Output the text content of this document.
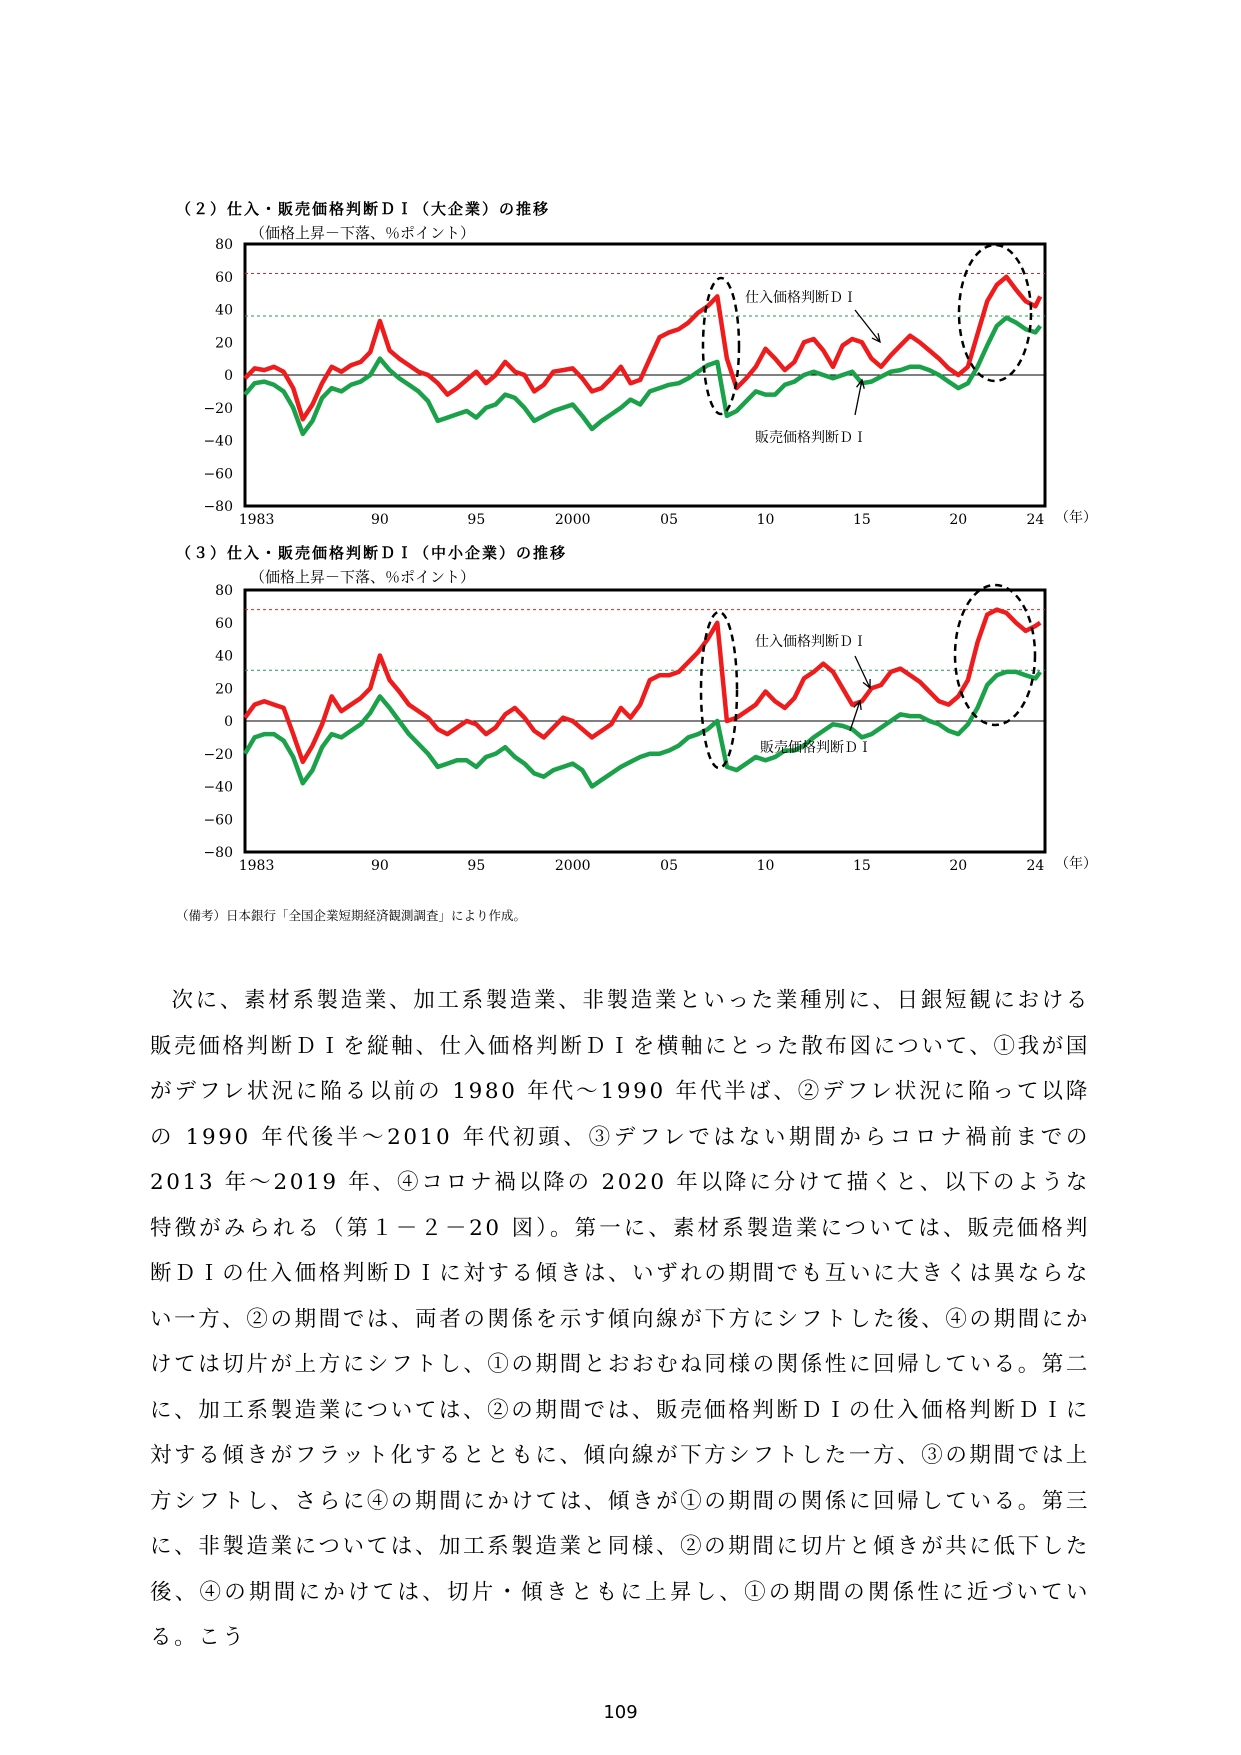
（２）仕入・販売価格判断ＤＩ（大企業）の推移
（価格上昇－下落、％ポイント）
80
60
40
20
0
−20
−40
−60
−80
1983	90	95	2000	05	10	15	20	24 （年）
仕入価格判断ＤＩ
販売価格判断ＤＩ
（３）仕入・販売価格判断ＤＩ（中小企業）の推移
（価格上昇－下落、％ポイント）
80
60
40
20
0
−20
−40
−60
−80
1983	90	95	2000	05	10	15	20	24 （年）
仕入価格判断ＤＩ
販売価格判断ＤＩ
（備考）日本銀行「全国企業短期経済観測調査」により作成。

次に、素材系製造業、加工系製造業、非製造業といった業種別に、日銀短観における販売価格判断ＤＩを縦軸、仕入価格判断ＤＩを横軸にとった散布図について、①我が国がデフレ状況に陥る以前の 1980 年代～1990 年代半ば、②デフレ状況に陥って以降の 1990 年代後半～2010 年代初頭、③デフレではない期間からコロナ禍前までの 2013 年～2019 年、④コロナ禍以降の 2020 年以降に分けて描くと、以下のような特徴がみられる（第１－２－20 図）。第一に、素材系製造業については、販売価格判断ＤＩの仕入価格判断ＤＩに対する傾きは、いずれの期間でも互いに大きくは異ならない一方、②の期間では、両者の関係を示す傾向線が下方にシフトした後、④の期間にかけては切片が上方にシフトし、①の期間とおおむね同様の関係性に回帰している。第二に、加工系製造業については、②の期間では、販売価格判断ＤＩの仕入価格判断ＤＩに対する傾きがフラット化するとともに、傾向線が下方シフトした一方、③の期間では上方シフトし、さらに④の期間にかけては、傾きが①の期間の関係に回帰している。第三に、非製造業については、加工系製造業と同様、②の期間に切片と傾きが共に低下した後、④の期間にかけては、切片・傾きともに上昇し、①の期間の関係性に近づいている。こう

109
